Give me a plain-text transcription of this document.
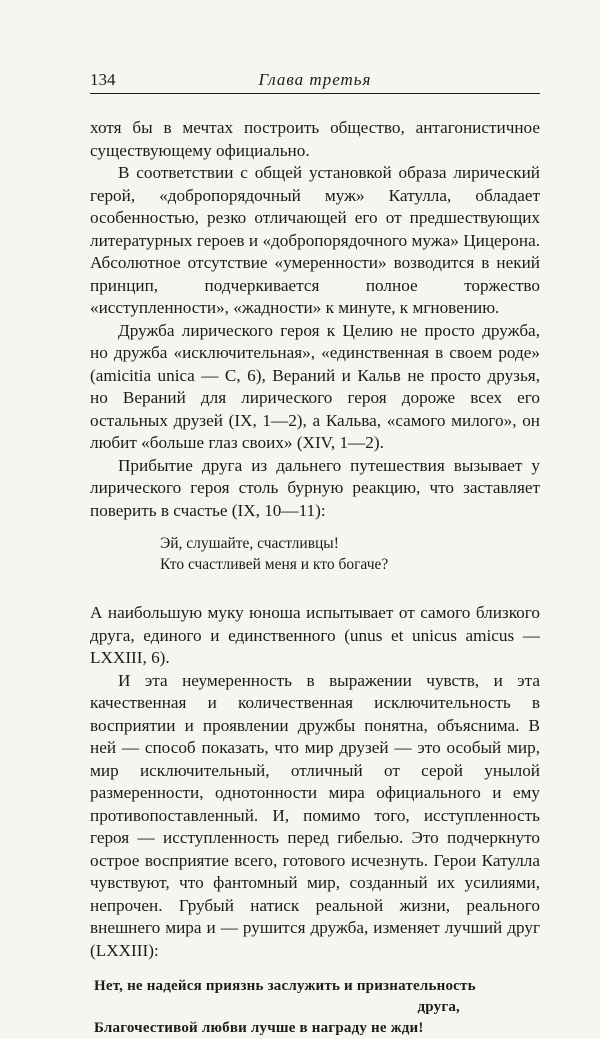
134	Глава третья

хотя бы в мечтах построить общество, антагонистичное существующему официально.

В соответствии с общей установкой образа лирический герой, «добропорядочный муж» Катулла, обладает особенностью, резко отличающей его от предшествующих литературных героев и «добропорядочного мужа» Цицерона. Абсолютное отсутствие «умеренности» возводится в некий принцип, подчеркивается полное торжество «исступленности», «жадности» к минуте, к мгновению.

Дружба лирического героя к Целию не просто дружба, но дружба «исключительная», «единственная в своем роде» (amicitia unica — C, 6), Вераний и Кальв не просто друзья, но Вераний для лирического героя дороже всех его остальных друзей (IX, 1—2), а Кальва, «самого милого», он любит «больше глаз своих» (XIV, 1—2).

Прибытие друга из дальнего путешествия вызывает у лирического героя столь бурную реакцию, что заставляет поверить в счастье (IX, 10—11):

Эй, слушайте, счастливцы!
Кто счастливей меня и кто богаче?

А наибольшую муку юноша испытывает от самого близкого друга, единого и единственного (unus et unicus amicus — LXXIII, 6).

И эта неумеренность в выражении чувств, и эта качественная и количественная исключительность в восприятии и проявлении дружбы понятна, объяснима. В ней — способ показать, что мир друзей — это особый мир, мир исключительный, отличный от серой унылой размеренности, однотонности мира официального и ему противопоставленный. И, помимо того, исступленность героя — исступленность перед гибелью. Это подчеркнуто острое восприятие всего, готового исчезнуть. Герои Катулла чувствуют, что фантомный мир, созданный их усилиями, непрочен. Грубый натиск реальной жизни, реального внешнего мира и — рушится дружба, изменяет лучший друг (LXXIII):

Нет, не надейся приязнь заслужить и признательность
друга,
Благочестивой любви лучше в награду не жди!
